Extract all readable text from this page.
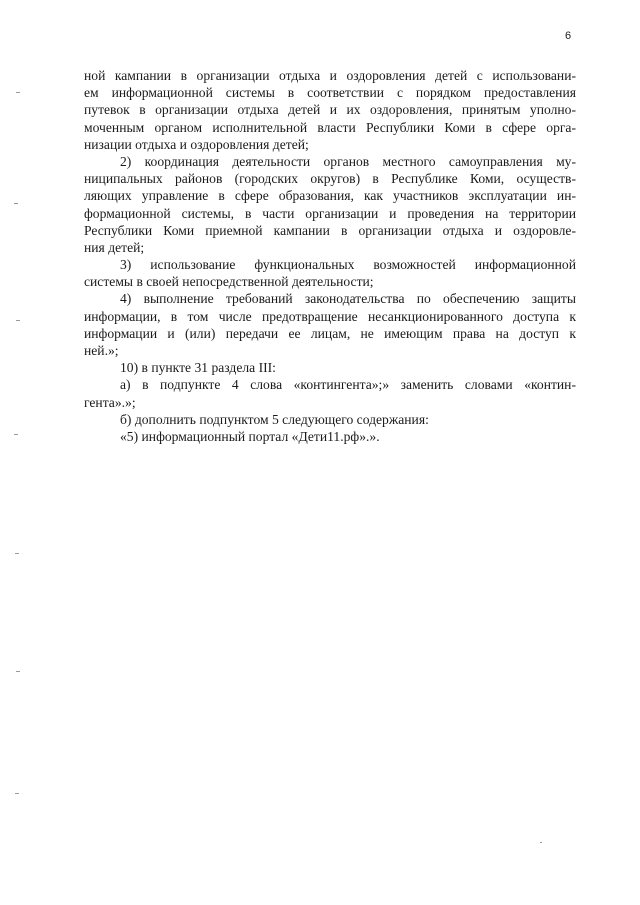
6
ной кампании в организации отдыха и оздоровления детей с использовани-
ем информационной системы в соответствии с порядком предоставления
путевок в организации отдыха детей и их оздоровления, принятым уполно-
моченным органом исполнительной власти Республики Коми в сфере орга-
низации отдыха и оздоровления детей;
2) координация деятельности органов местного самоуправления му-
ниципальных районов (городских округов) в Республике Коми, осуществ-
ляющих управление в сфере образования, как участников эксплуатации ин-
формационной системы, в части организации и проведения на территории
Республики Коми приемной кампании в организации отдыха и оздоровле-
ния детей;
3) использование функциональных возможностей информационной
системы в своей непосредственной деятельности;
4) выполнение требований законодательства по обеспечению защиты
информации, в том числе предотвращение несанкционированного доступа к
информации и (или) передачи ее лицам, не имеющим права на доступ к
ней.»;
10) в пункте 31 раздела III:
а) в подпункте 4 слова «контингента»;» заменить словами «контин-
гента».»;
б) дополнить подпунктом 5 следующего содержания:
«5) информационный портал «Дети11.рф».».
